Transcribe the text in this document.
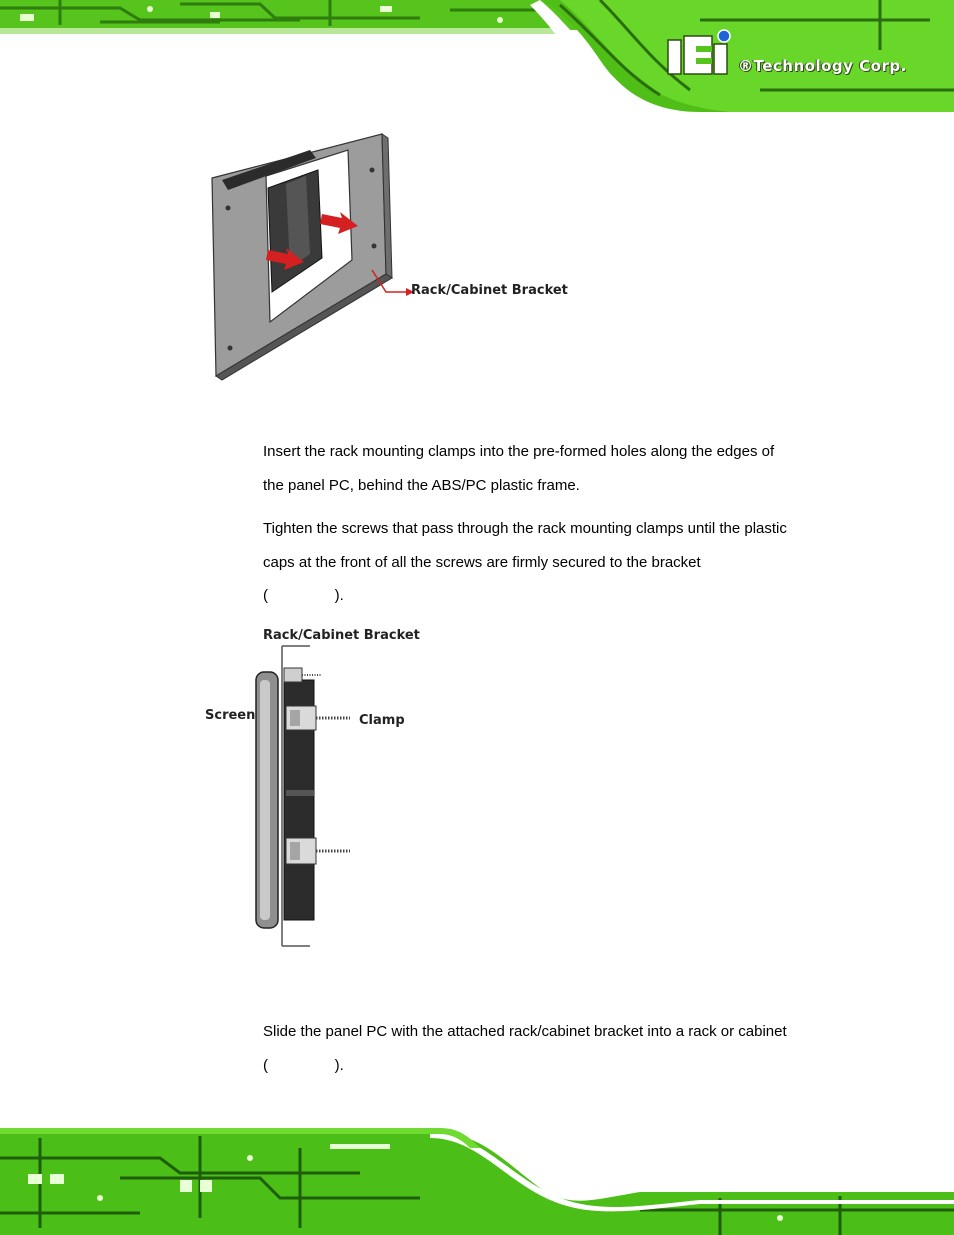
®Technology Corp.
Rack/Cabinet Bracket
Insert the rack mounting clamps into the pre-formed holes along the edges of
the panel PC, behind the ABS/PC plastic frame.
Tighten the screws that pass through the rack mounting clamps until the plastic
caps at the front of all the screws are firmly secured to the bracket
(                ).
Rack/Cabinet Bracket
Screen	Clamp
Slide the panel PC with the attached rack/cabinet bracket into a rack or cabinet
(                ).
